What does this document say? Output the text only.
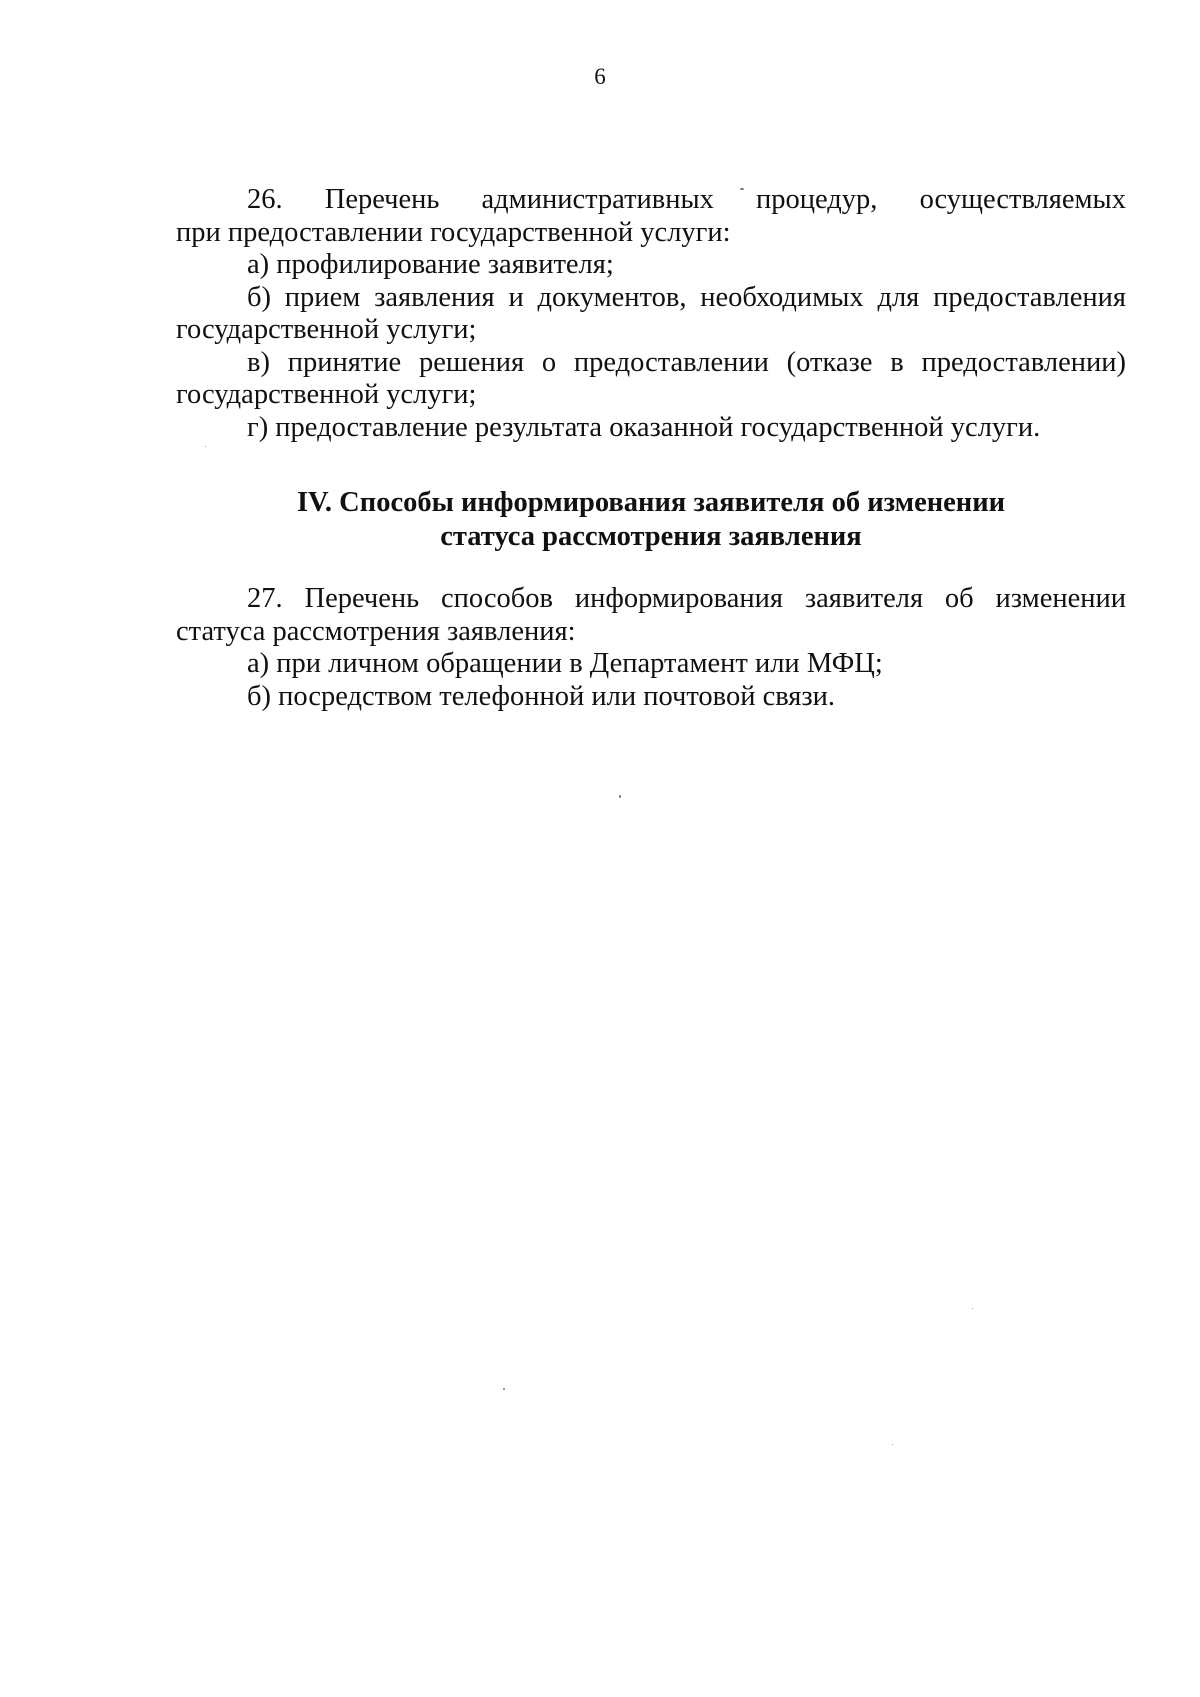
6
26. Перечень административных процедур, осуществляемых

при предоставлении государственной услуги:

а) профилирование заявителя;

б) прием заявления и документов, необходимых для предоставления государственной услуги;

в) принятие решения о предоставлении (отказе в предоставлении) государственной услуги;

г) предоставление результата оказанной государственной услуги.

IV. Способы информирования заявителя об изменении
статуса рассмотрения заявления

27. Перечень способов информирования заявителя об изменении статуса рассмотрения заявления:

а) при личном обращении в Департамент или МФЦ;

б) посредством телефонной или почтовой связи.
